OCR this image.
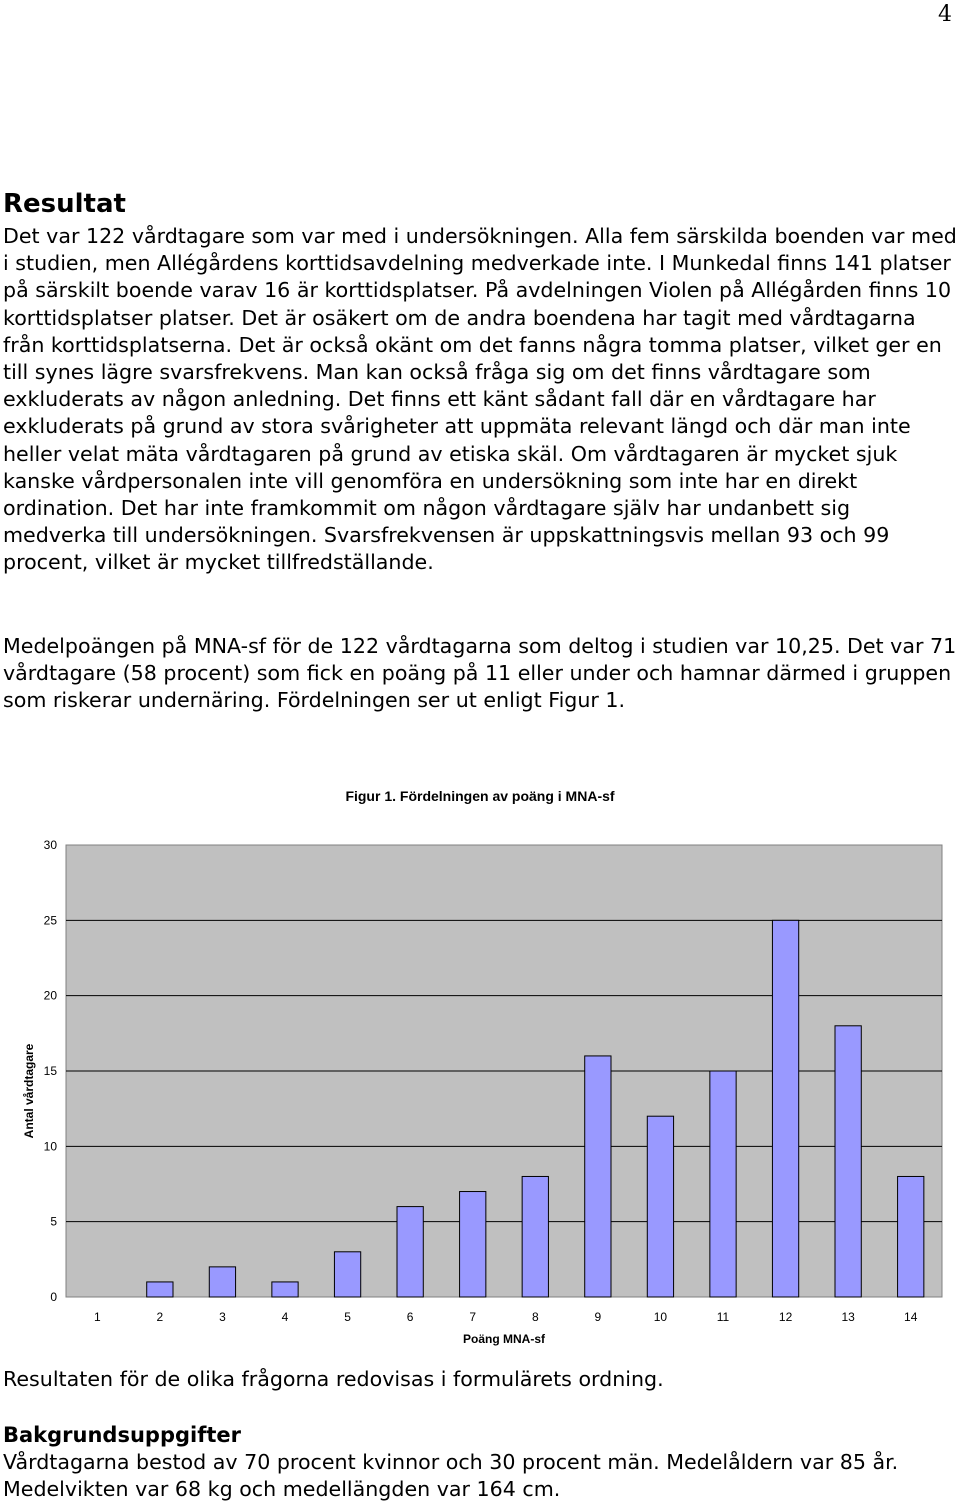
4
Resultat

Det var 122 vårdtagare som var med i undersökningen. Alla fem särskilda boenden var med i studien, men Allégårdens korttidsavdelning medverkade inte. I Munkedal finns 141 platser på särskilt boende varav 16 är korttidsplatser. På avdelningen Violen på Allégården finns 10 korttidsplatser platser. Det är osäkert om de andra boendena har tagit med vårdtagarna från korttidsplatserna. Det är också okänt om det fanns några tomma platser, vilket ger en till synes lägre svarsfrekvens. Man kan också fråga sig om det finns vårdtagare som exkluderats av någon anledning. Det finns ett känt sådant fall där en vårdtagare har exkluderats på grund av stora svårigheter att uppmäta relevant längd och där man inte heller velat mäta vårdtagaren på grund av etiska skäl. Om vårdtagaren är mycket sjuk kanske vårdpersonalen inte vill genomföra en undersökning som inte har en direkt ordination. Det har inte framkommit om någon vårdtagare själv har undanbett sig medverka till undersökningen. Svarsfrekvensen är uppskattningsvis mellan 93 och 99 procent, vilket är mycket tillfredställande.

Medelpoängen på MNA-sf för de 122 vårdtagarna som deltog i studien var 10,25. Det var 71 vårdtagare (58 procent) som fick en poäng på 11 eller under och hamnar därmed i gruppen som riskerar undernäring. Fördelningen ser ut enligt Figur 1.

Figur 1. Fördelningen av poäng i MNA-sf
0
5
10
15
20
25
30
1	2	3	4	5	6	7	8	9	10	11	12	13	14
Poäng MNA-sf
Antal vårdtagare

Resultaten för de olika frågorna redovisas i formulärets ordning.

Bakgrundsuppgifter

Vårdtagarna bestod av 70 procent kvinnor och 30 procent män. Medelåldern var 85 år. Medelvikten var 68 kg och medellängden var 164 cm.
